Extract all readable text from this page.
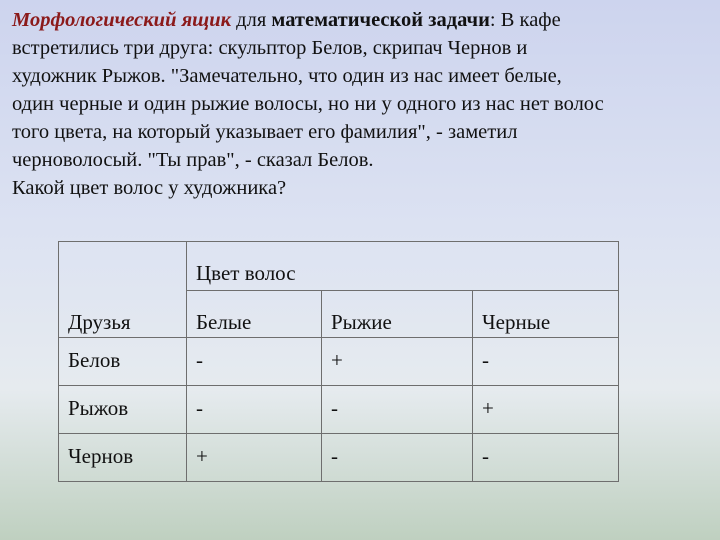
Морфологический ящик для математической задачи: В кафе
встретились три друга: скульптор Белов, скрипач Чернов и
художник Рыжов. "Замечательно, что один из нас имеет белые,
один черные и один рыжие волосы, но ни у одного из нас нет волос
того цвета, на который указывает его фамилия", - заметил
черноволосый. "Ты прав", - сказал Белов.
Какой цвет волос у художника?
Друзья	Цвет волос		
	Белые	Рыжие	Черные
Белов	-	+	-
Рыжов	-	-	+
Чернов	+	-	-
